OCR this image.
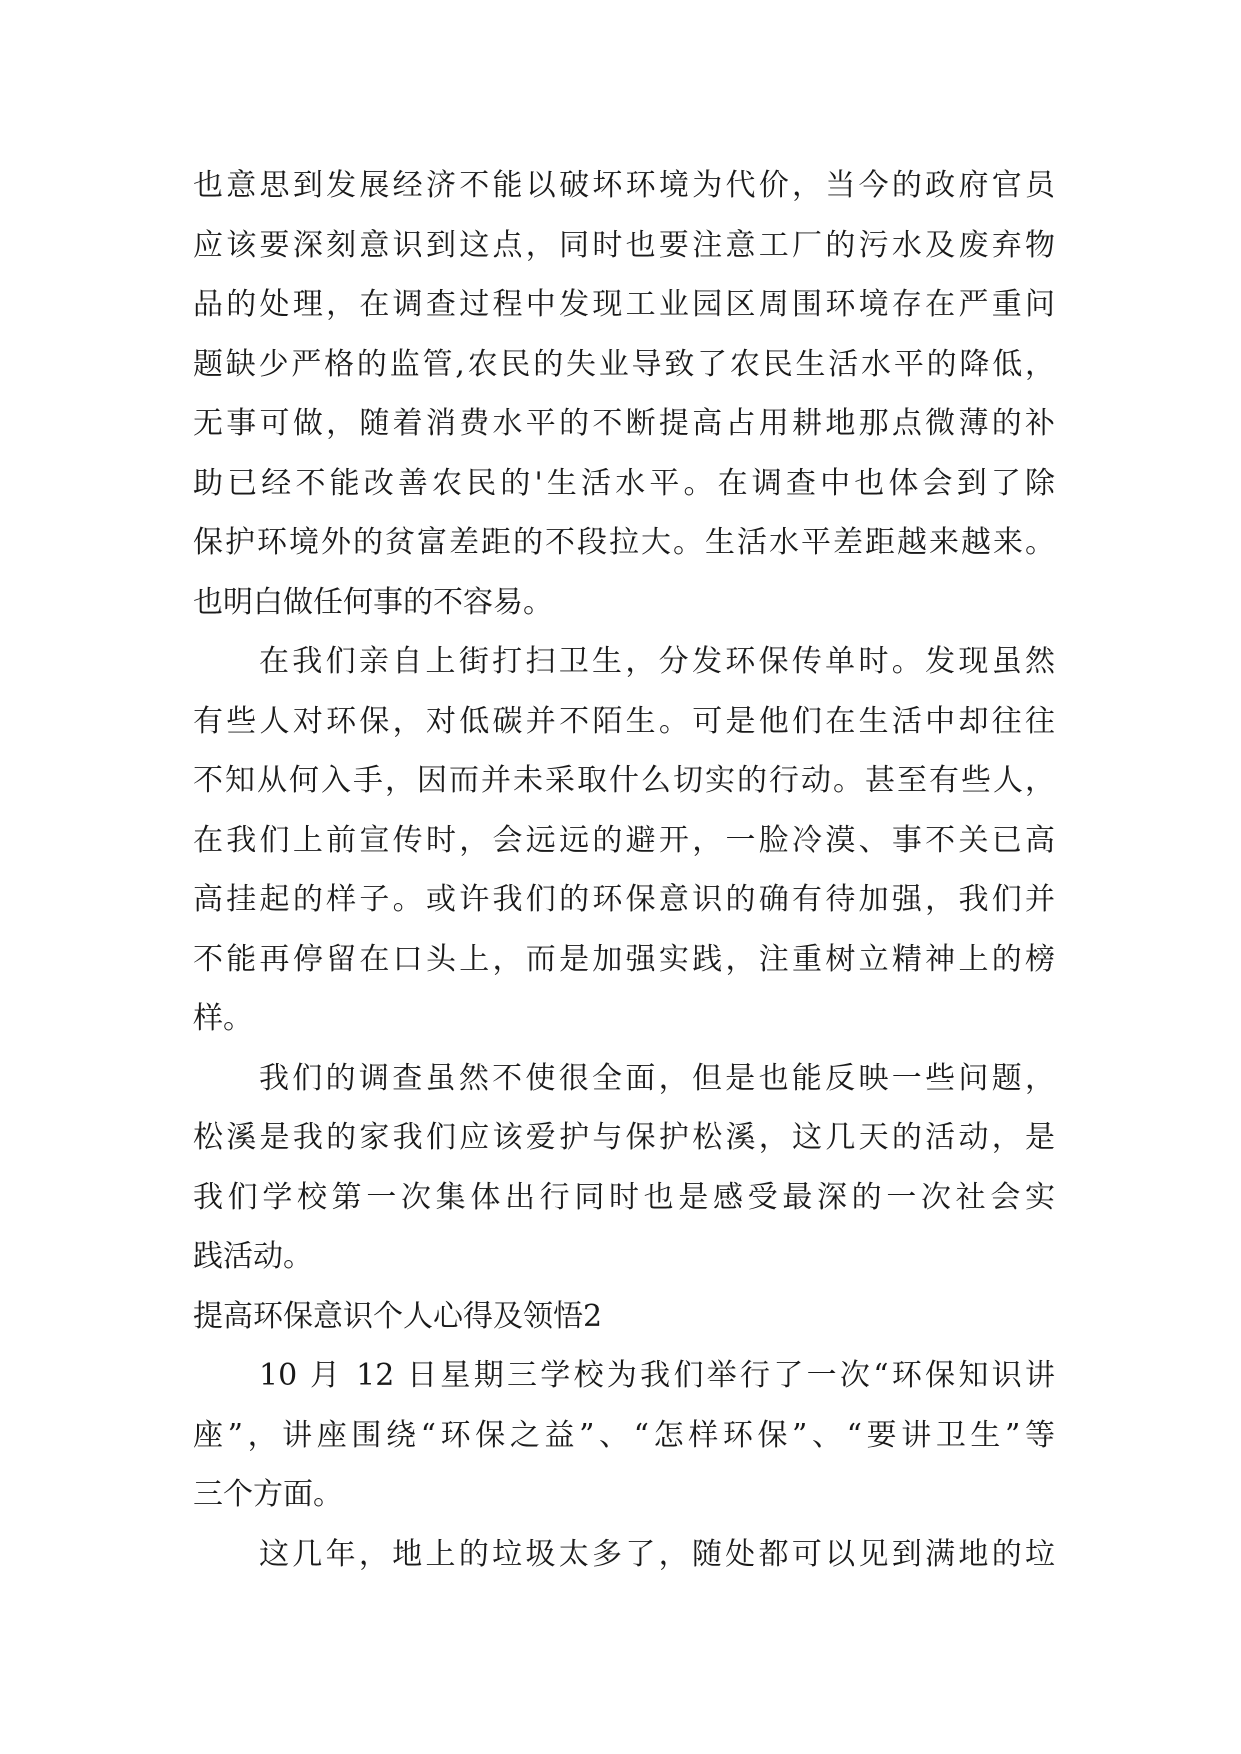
也意思到发展经济不能以破坏环境为代价，当今的政府官员
应该要深刻意识到这点，同时也要注意工厂的污水及废弃物
品的处理，在调查过程中发现工业园区周围环境存在严重问
题缺少严格的监管,农民的失业导致了农民生活水平的降低，
无事可做，随着消费水平的不断提高占用耕地那点微薄的补
助已经不能改善农民的'生活水平。在调查中也体会到了除
保护环境外的贫富差距的不段拉大。生活水平差距越来越来。
也明白做任何事的不容易。
在我们亲自上街打扫卫生，分发环保传单时。发现虽然
有些人对环保，对低碳并不陌生。可是他们在生活中却往往
不知从何入手，因而并未采取什么切实的行动。甚至有些人，
在我们上前宣传时，会远远的避开，一脸冷漠、事不关已高
高挂起的样子。或许我们的环保意识的确有待加强，我们并
不能再停留在口头上，而是加强实践，注重树立精神上的榜
样。
我们的调查虽然不使很全面，但是也能反映一些问题，
松溪是我的家我们应该爱护与保护松溪，这几天的活动，是
我们学校第一次集体出行同时也是感受最深的一次社会实
践活动。
提高环保意识个人心得及领悟2
10 月 12 日星期三学校为我们举行了一次“环保知识讲
座”，讲座围绕“环保之益”、“怎样环保”、“要讲卫生”等
三个方面。
这几年，地上的垃圾太多了，随处都可以见到满地的垃
